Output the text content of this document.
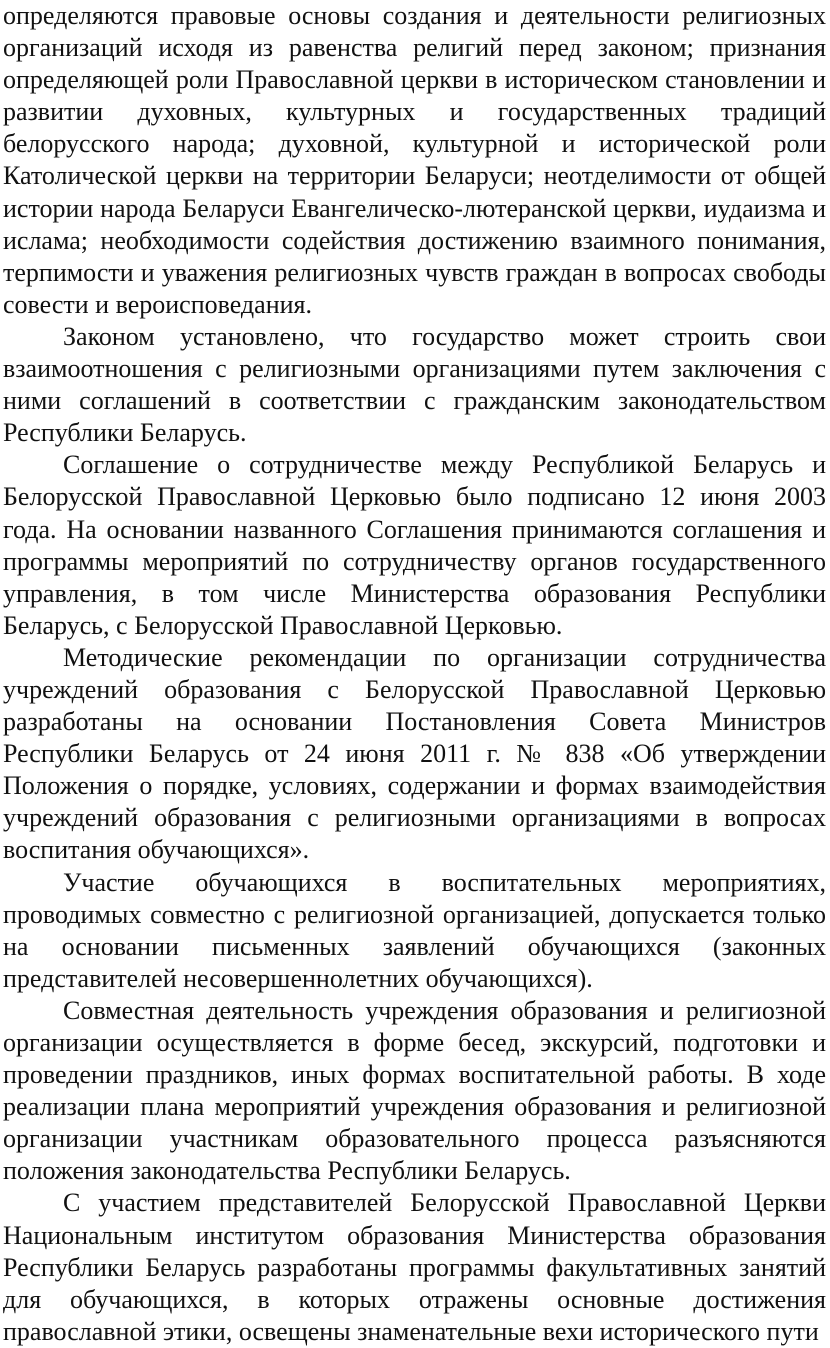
определяются правовые основы создания и деятельности религиозных организаций исходя из равенства религий перед законом; признания определяющей роли Православной церкви в историческом становлении и развитии духовных, культурных и государственных традиций белорусского народа; духовной, культурной и исторической роли Католической церкви на территории Беларуси; неотделимости от общей истории народа Беларуси Евангелическо-лютеранской церкви, иудаизма и ислама; необходимости содействия достижению взаимного понимания, терпимости и уважения религиозных чувств граждан в вопросах свободы совести и вероисповедания.

Законом установлено, что государство может строить свои взаимоотношения с религиозными организациями путем заключения с ними соглашений в соответствии с гражданским законодательством Республики Беларусь.

Соглашение о сотрудничестве между Республикой Беларусь и Белорусской Православной Церковью было подписано 12 июня 2003 года. На основании названного Соглашения принимаются соглашения и программы мероприятий по сотрудничеству органов государственного управления, в том числе Министерства образования Республики Беларусь, с Белорусской Православной Церковью.

Методические рекомендации по организации сотрудничества учреждений образования с Белорусской Православной Церковью разработаны на основании Постановления Совета Министров Республики Беларусь от 24 июня 2011 г. № 838 «Об утверждении Положения о порядке, условиях, содержании и формах взаимодействия учреждений образования с религиозными организациями в вопросах воспитания обучающихся».

Участие обучающихся в воспитательных мероприятиях, проводимых совместно с религиозной организацией, допускается только на основании письменных заявлений обучающихся (законных представителей несовершеннолетних обучающихся).

Совместная деятельность учреждения образования и религиозной организации осуществляется в форме бесед, экскурсий, подготовки и проведении праздников, иных формах воспитательной работы. В ходе реализации плана мероприятий учреждения образования и религиозной организации участникам образовательного процесса разъясняются положения законодательства Республики Беларусь.

С участием представителей Белорусской Православной Церкви Национальным институтом образования Министерства образования Республики Беларусь разработаны программы факультативных занятий для обучающихся, в которых отражены основные достижения православной этики, освещены знаменательные вехи исторического пути
